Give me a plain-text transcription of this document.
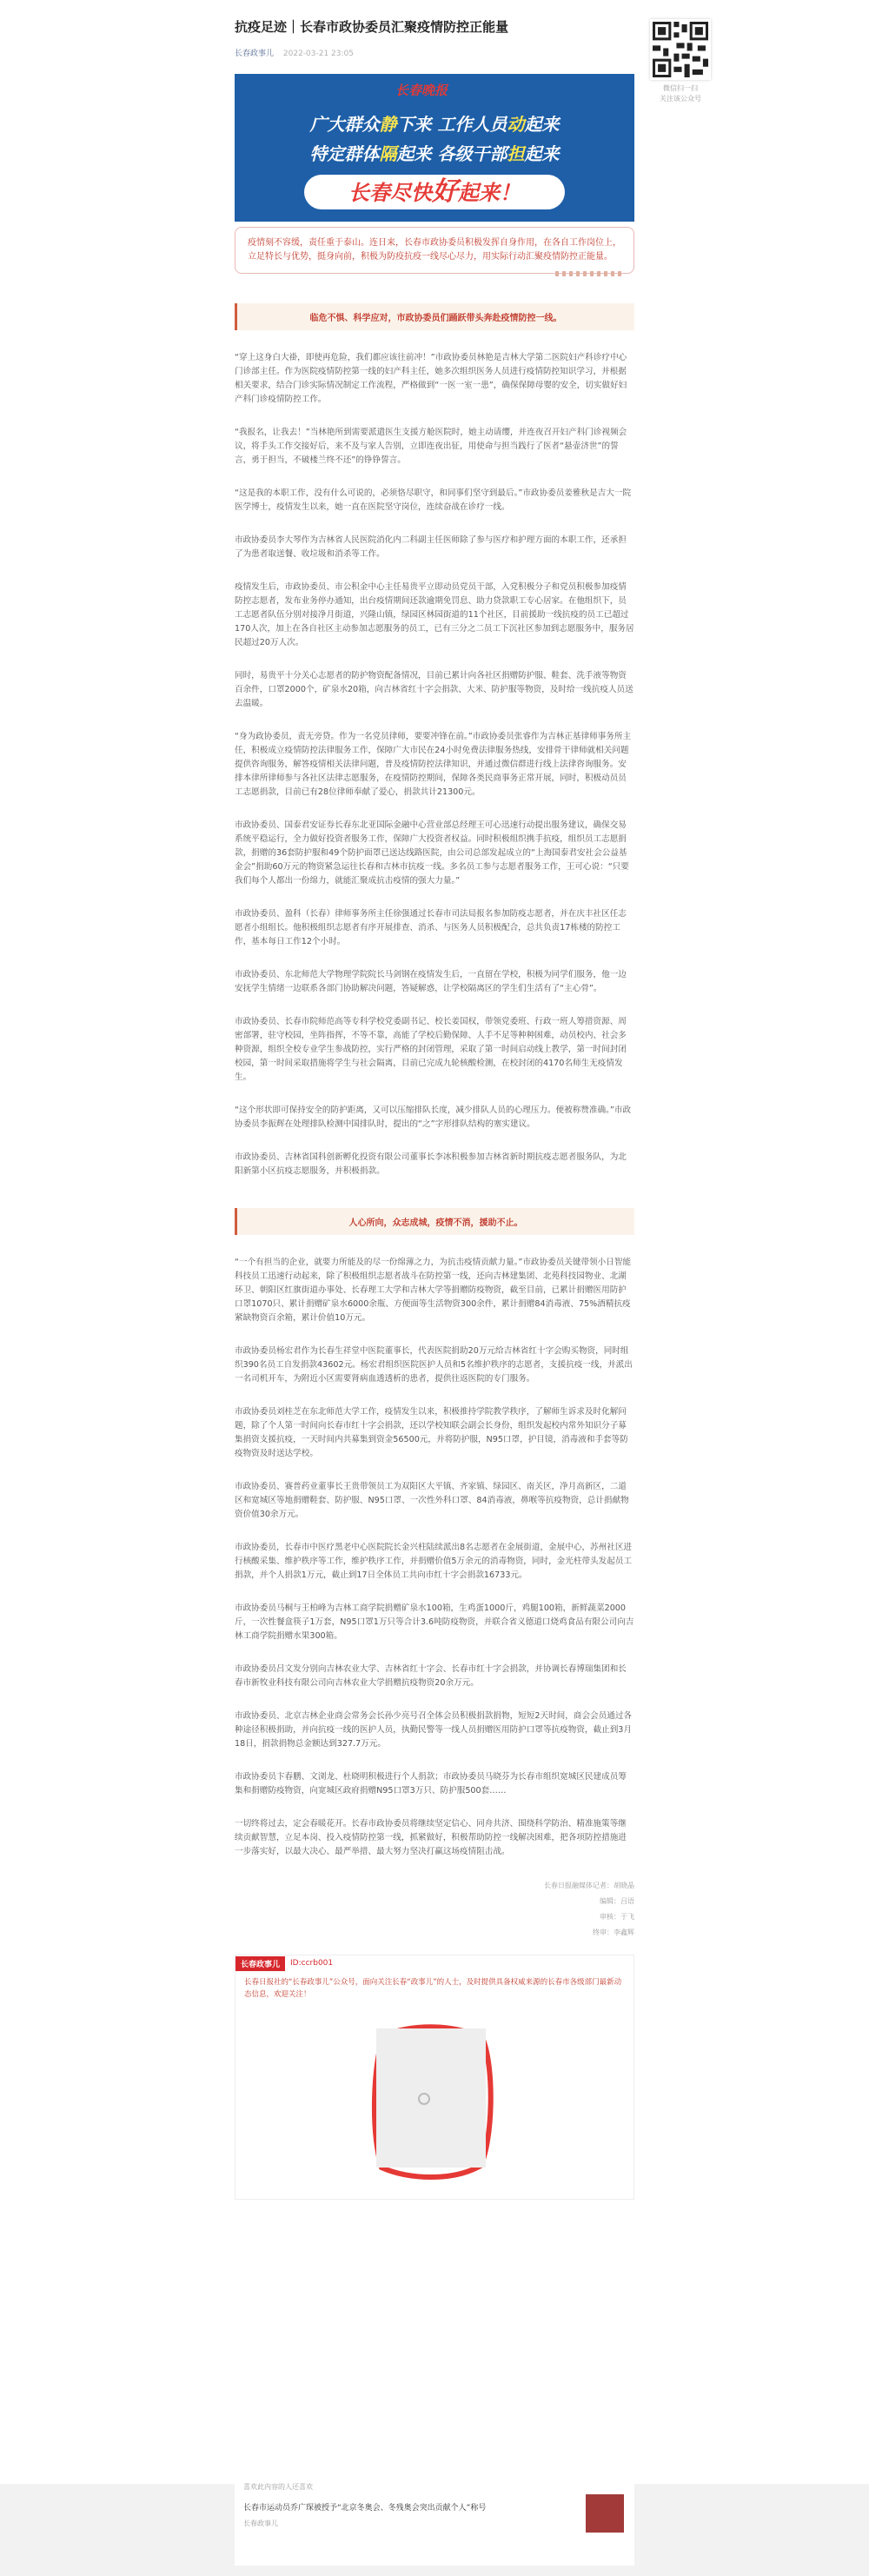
抗疫足迹｜长春市政协委员汇聚疫情防控正能量
长春政事儿 2022-03-21 23:05
长春晚报
广大群众静下来 工作人员动起来
特定群体隔起来 各级干部担起来
长春尽快好起来！
疫情刻不容缓，责任重于泰山。连日来，长春市政协委员积极发挥自身作用，在各自工作岗位上，立足特长与优势，挺身向前，积极为防疫抗疫一线尽心尽力，用实际行动汇聚疫情防控正能量。
临危不惧、科学应对，市政协委员们踊跃带头奔赴疫情防控一线。

“穿上这身白大褂，即使再危险，我们都应该往前冲！”市政协委员林艳是吉林大学第二医院妇产科诊疗中心门诊部主任。作为医院疫情防控第一线的妇产科主任，她多次组织医务人员进行疫情防控知识学习，并根据相关要求，结合门诊实际情况制定工作流程，严格做到“一医一室一患”，确保保障母婴的安全，切实做好妇产科门诊疫情防控工作。

“我报名，让我去！”当林艳所到需要派遣医生支援方舱医院时，她主动请缨，并连夜召开妇产科门诊视频会议，将手头工作交接好后，来不及与家人告别，立即连夜出征，用使命与担当践行了医者“悬壶济世”的誓言，勇于担当，不破楼兰终不还”的铮铮誓言。

“这是我的本职工作，没有什么可说的，必须恪尽职守，和同事们坚守到最后。”市政协委员姜雅秋是吉大一院医学博士，疫情发生以来，她一直在医院坚守岗位，连续奋战在诊疗一线。

市政协委员李大琴作为吉林省人民医院消化内二科副主任医师除了参与医疗和护理方面的本职工作，还承担了为患者取送餐、收垃圾和消杀等工作。

疫情发生后，市政协委员、市公积金中心主任易贵平立即动员党员干部，入党积极分子和党员积极参加疫情防控志愿者，发布业务停办通知，出台疫情期间还款逾期免罚息、助力贷款职工专心居家。在他组织下，员工志愿者队伍分别对接净月街道，兴隆山镇，绿园区林园街道的11个社区，目前援助一线抗疫的员工已超过170人次，加上在各自社区主动参加志愿服务的员工，已有三分之二员工下沉社区参加到志愿服务中，服务居民超过20万人次。

同时，易贵平十分关心志愿者的防护物资配备情况，目前已累计向各社区捐赠防护服、鞋套、洗手液等物资百余件，口罩2000个，矿泉水20箱，向吉林省红十字会捐款、大米、防护服等物资，及时给一线抗疫人员送去温暖。

“身为政协委员，责无旁贷。作为一名党员律师，要要冲锋在前。”市政协委员张睿作为吉林正基律师事务所主任，积极成立疫情防控法律服务工作，保障广大市民在24小时免费法律服务热线，安排骨干律师就相关问题提供咨询服务，解答疫情相关法律问题，普及疫情防控法律知识，并通过微信群进行线上法律咨询服务。安排本律所律师参与各社区法律志愿服务，在疫情防控期间，保障各类民商事务正常开展，同时，积极动员员工志愿捐款，目前已有28位律师奉献了爱心，捐款共计21300元。

市政协委员、国泰君安证券长春东北亚国际金融中心营业部总经理王可心迅速行动提出服务建议，确保交易系统平稳运行，全力做好投资者服务工作，保障广大投资者权益。同时积极组织携手抗疫，组织员工志愿捐款，捐赠的36套防护服和49个防护面罩已送达线路医院，由公司总部发起成立的“上海国泰君安社会公益基金会”捐助60万元的物资紧急运往长春和吉林市抗疫一线。多名员工参与志愿者服务工作，王可心说：“只要我们每个人都出一份绵力，就能汇聚成抗击疫情的强大力量。”

市政协委员、盈科（长春）律师事务所主任徐强通过长春市司法局报名参加防疫志愿者，并在庆丰社区任志愿者小组组长。他积极组织志愿者有序开展排查、消杀、与医务人员积极配合，总共负责17栋楼的防控工作，基本每日工作12个小时。

市政协委员、东北师范大学物理学院院长马剑钢在疫情发生后，一直留在学校，积极为同学们服务，他一边安抚学生情绪一边联系各部门协助解决问题，答疑解惑，让学校隔离区的学生们生活有了“主心骨”。

市政协委员、长春市院师范高等专科学校党委副书记、校长姜国权，带领党委班、行政一班人筹措资源、周密部署，驻守校园，坐阵指挥，不等不靠，高能了学校后勤保障、人手不足等种种困难，动员校内、社会多种资源，组织全校专业学生参战防控，实行严格的封闭管理，采取了第一时间启动线上教学，第一时间封闭校园，第一时间采取措施将学生与社会隔离，目前已完成九轮核酸检测，在校封闭的4170名师生无疫情发生。

“这个形状即可保持安全的防护距离，又可以压缩排队长度，减少排队人员的心理压力。便被称赞准确。”市政协委员李振辉在处理排队检测中国排队时，提出的“之”字形排队结构的塞实建议。

市政协委员、吉林省国科创新孵化投资有限公司董事长李冰积极参加吉林省新时期抗疫志愿者服务队，为北阳新第小区抗疫志愿服务，并积极捐款。

人心所向，众志成城，疫情不消，援助不止。

“一个有担当的企业，就要力所能及的尽一份绵薄之力，为抗击疫情贡献力量。”市政协委员关键带领小日智能科技员工迅速行动起来，除了积极组织志愿者战斗在防控第一线，还向吉林建集团、北苑科技园物业、北湖环卫、朝阳区红旗街道办事处、长春理工大学和吉林大学等捐赠防疫物资，截至目前，已累计捐赠医用防护口罩1070只、累计捐赠矿泉水6000余瓶、方便面等生活物资300余件，累计捐赠84消毒液、75%酒精抗疫紧缺物资百余箱，累计价值10万元。

市政协委员杨宏君作为长春生祥堂中医院董事长，代表医院捐助20万元给吉林省红十字会购买物资，同时组织390名员工自发捐款43602元。杨宏君组织医院医护人员和5名维护秩序的志愿者，支援抗疫一线，并派出一名司机开车，为附近小区需要肾病血透透析的患者，提供往返医院的专门服务。

市政协委员刘桂芝在东北师范大学工作，疫情发生以来，积极推持学院教学秩序，了解师生诉求及时化解问题，除了个人第一时间向长春市红十字会捐款，还以学校知联会副会长身份，组织发起校内常外知识分子募集捐资支援抗疫，一天时间内共募集到资金56500元，并将防护服，N95口罩，护目镜，消毒液和手套等防疫物资及时送达学校。

市政协委员、赛普药业董事长王贵带领员工为双阳区大平镇、齐家镇、绿园区、南关区，净月高新区，二道区和宽城区等地捐赠鞋套、防护服、N95口罩、一次性外科口罩、84消毒液，鼻喉等抗疫物资，总计捐献物资价值30余万元。

市政协委员，长春市中医疗黑老中心医院院长金兴柱陆续派出8名志愿者在金展街道，金展中心，苏州社区进行核酸采集、维护秩序等工作，维护秩序工作，并捐赠价值5万余元的消毒物资，同时，金光柱带头发起员工捐款，并个人捐款1万元，截止到17日全体员工共向市红十字会捐款16733元。

市政协委员马桐与王柏峰为吉林工商学院捐赠矿泉水100箱，生鸡蛋1000斤，鸡腿100箱，新鲜蔬菜2000斤，一次性餐盒筷子1万套，N95口罩1万只等合计3.6吨防疫物资，并联合省义德道口烧鸡食品有限公司向吉林工商学院捐赠水果300箱。

市政协委员吕文发分别向吉林农业大学、吉林省红十字会、长春市红十字会捐款，并协调长春博瑞集团和长春市新牧业科技有限公司向吉林农业大学捐赠抗疫物资20余万元。

市政协委员、北京吉林企业商会常务会长孙少亮号召全体会员积极捐款捐物，短短2天时间，商会会员通过各种途径积极捐助，并向抗疫一线的医护人员，执勤民警等一线人员捐赠医用防护口罩等抗疫物资，截止到3月18日，捐款捐物总金额达到327.7万元。

市政协委员卞春鹏、文浏龙、杜晓明积极进行个人捐款；市政协委员马晓芬为长春市组织宽城区民建成员筹集和捐赠防疫物资，向宽城区政府捐赠N95口罩3万只、防护服500套……

一切终将过去，定会春暖花开。长春市政协委员将继续坚定信心、同舟共济、围绕科学防治、精准施策等继续贡献智慧，立足本岗、投入疫情防控第一线，抓紧做好，积极帮助防控一线解决困难，把各项防控措施进一步落实好，以最大决心、最严举措、最大努力坚决打赢这场疫情阻击战。

长春日报融媒体记者：胡晓晶
编辑：吕语
审核：于飞
终审：李鑫辉
长春政事儿	ID:ccrb001
长春日报社的“长春政事儿”公众号，面向关注长春“政事儿”的人士，及时提供具备权威来源的长春市各级部门最新动态信息，欢迎关注！
微信扫一扫
关注该公众号
喜欢此内容的人还喜欢
长春市运动员乔广琛被授予“北京冬奥会、冬残奥会突出贡献个人”称号
长春政事儿
